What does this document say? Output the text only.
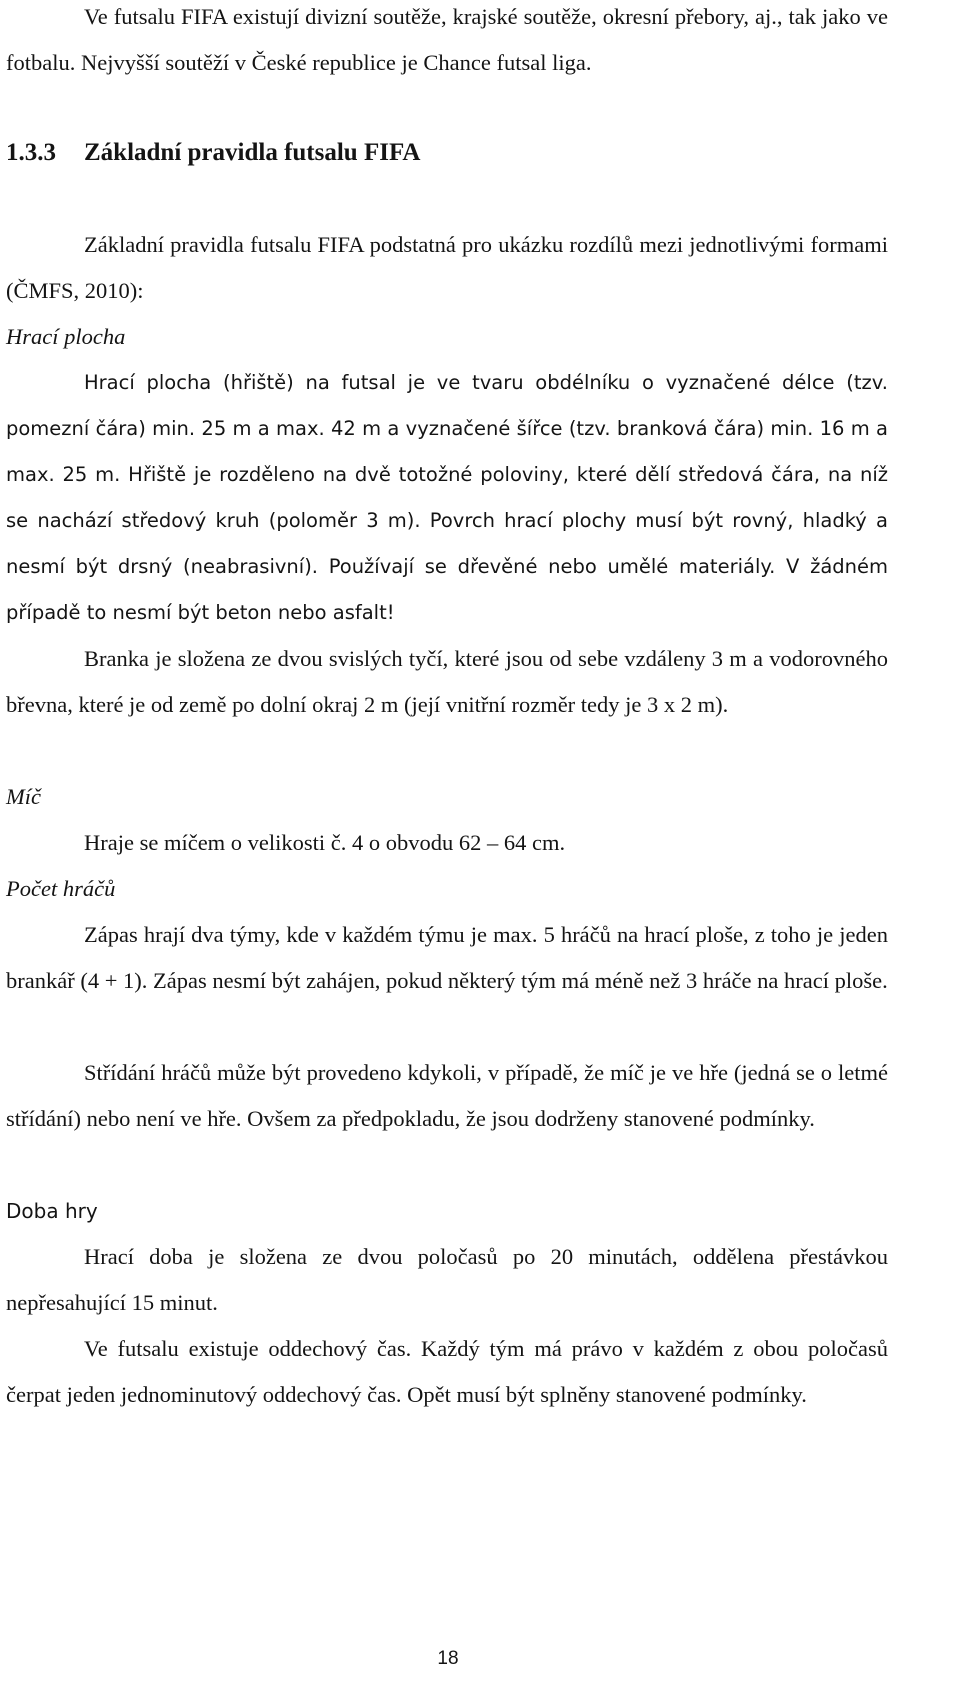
Ve futsalu FIFA existují divizní soutěže, krajské soutěže, okresní přebory, aj., tak jako ve fotbalu. Nejvyšší soutěží v České republice je Chance futsal liga.

1.3.3 Základní pravidla futsalu FIFA

Základní pravidla futsalu FIFA podstatná pro ukázku rozdílů mezi jednotlivými formami (ČMFS, 2010):

Hrací plocha

Hrací plocha (hřiště) na futsal je ve tvaru obdélníku o vyznačené délce (tzv. pomezní čára) min. 25 m a max. 42 m a vyznačené šířce (tzv. branková čára) min. 16 m a max. 25 m. Hřiště je rozděleno na dvě totožné poloviny, které dělí středová čára, na níž se nachází středový kruh (poloměr 3 m). Povrch hrací plochy musí být rovný, hladký a nesmí být drsný (neabrasivní). Používají se dřevěné nebo umělé materiály. V žádném případě to nesmí být beton nebo asfalt!

Branka je složena ze dvou svislých tyčí, které jsou od sebe vzdáleny 3 m a vodorovného břevna, které je od země po dolní okraj 2 m (její vnitřní rozměr tedy je 3 x 2 m).

Míč

Hraje se míčem o velikosti č. 4 o obvodu 62 – 64 cm.

Počet hráčů

Zápas hrají dva týmy, kde v každém týmu je max. 5 hráčů na hrací ploše, z toho je jeden brankář (4 + 1). Zápas nesmí být zahájen, pokud některý tým má méně než 3 hráče na hrací ploše.

Střídání hráčů může být provedeno kdykoli, v případě, že míč je ve hře (jedná se o letmé střídání) nebo není ve hře. Ovšem za předpokladu, že jsou dodrženy stanovené podmínky.

Doba hry

Hrací doba je složena ze dvou poločasů po 20 minutách, oddělena přestávkou nepřesahující 15 minut.

Ve futsalu existuje oddechový čas. Každý tým má právo v každém z obou poločasů čerpat jeden jednominutový oddechový čas. Opět musí být splněny stanovené podmínky.

18
